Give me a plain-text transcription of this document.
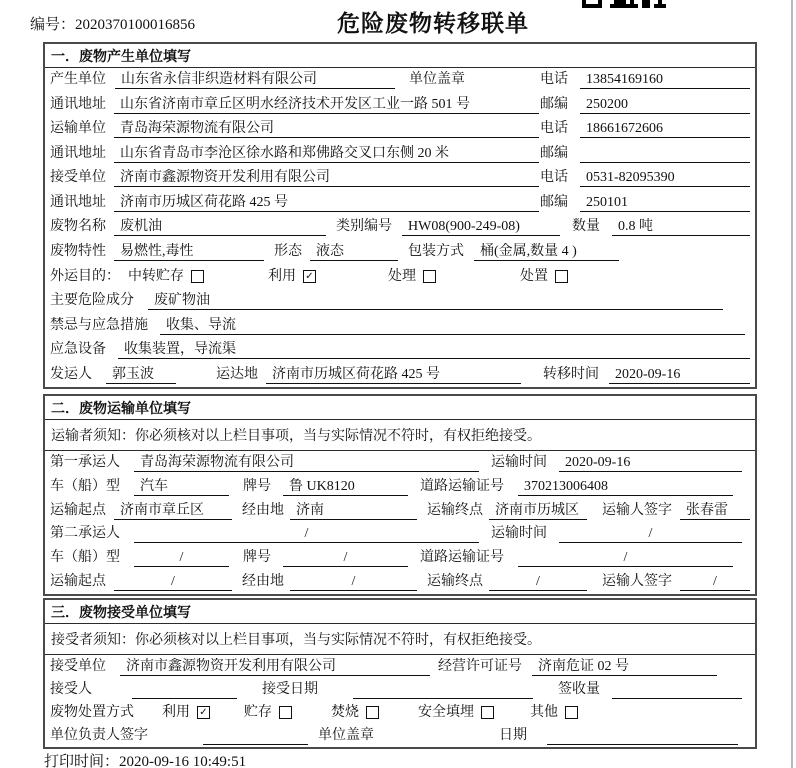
编号：2020370100016856	危险废物转移联单
一．废物产生单位填写
产生单位	山东省永信非织造材料有限公司	单位盖章	电话	13854169160
通讯地址	山东省济南市章丘区明水经济技术开发区工业一路 501 号	邮编	250200
运输单位	青岛海荣源物流有限公司	电话	18661672606
通讯地址	山东省青岛市李沧区徐水路和郑佛路交叉口东侧 20 米	邮编
接受单位	济南市鑫源物资开发利用有限公司	电话	0531-82095390
通讯地址	济南市历城区荷花路 425 号	邮编	250101
废物名称	废机油	类别编号	HW08(900-249-08)	数量	0.8 吨
废物特性	易燃性,毒性	形态	液态	包装方式	桶(金属,数量 4 )
外运目的： 中转贮存	利用 ✓	处理	处置
主要危险成分	废矿物油
禁忌与应急措施	收集、导流
应急设备	收集装置，导流渠
发运人	郭玉波	运达地	济南市历城区荷花路 425 号	转移时间	2020-09-16
二．废物运输单位填写
运输者须知：你必须核对以上栏目事项，当与实际情况不符时，有权拒绝接受。
第一承运人	青岛海荣源物流有限公司	运输时间	2020-09-16
车（船）型	汽车	牌号	鲁 UK8120	道路运输证号	370213006408
运输起点	济南市章丘区	经由地 济南	运输终点 济南市历城区	运输人签字	张春雷
第二承运人	/	运输时间	/
车（船）型	/	牌号	/	道路运输证号	/
运输起点	/	经由地	/	运输终点	/	运输人签字	/
三．废物接受单位填写
接受者须知：你必须核对以上栏目事项，当与实际情况不符时，有权拒绝接受。
接受单位	济南市鑫源物资开发利用有限公司	经营许可证号	济南危证 02 号
接受人	接受日期	签收量
废物处置方式 利用 ✓	贮存	焚烧	安全填埋	其他
单位负责人签字	单位盖章	日期
打印时间：2020-09-16 10:49:51
